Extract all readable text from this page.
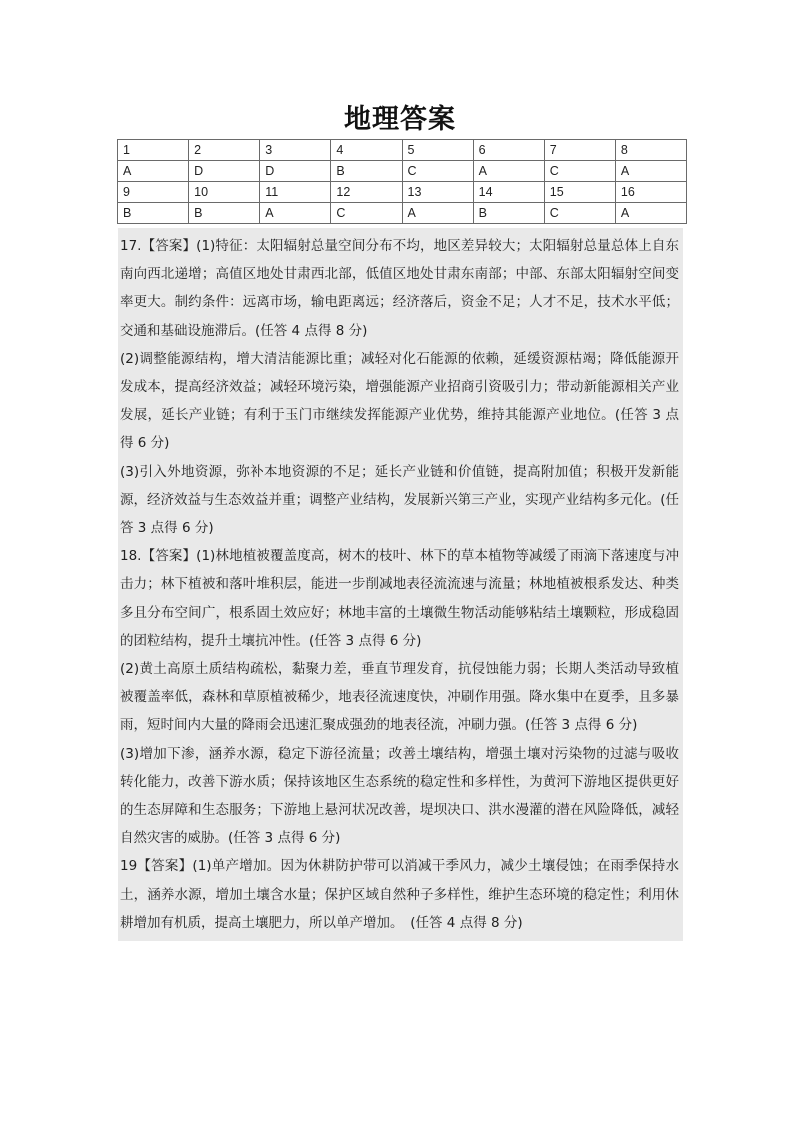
地理答案
1	2	3	4	5	6	7	8
A	D	D	B	C	A	C	A
9	10	11	12	13	14	15	16
B	B	A	C	A	B	C	A

17.【答案】(1)特征：太阳辐射总量空间分布不均，地区差异较大；太阳辐射总量总体上自东南向西北递增；高值区地处甘肃西北部，低值区地处甘肃东南部；中部、东部太阳辐射空间变率更大。制约条件：远离市场，输电距离远；经济落后，资金不足；人才不足，技术水平低；交通和基础设施滞后。(任答 4 点得 8 分)

(2)调整能源结构，增大清洁能源比重；减轻对化石能源的依赖，延缓资源枯竭；降低能源开发成本，提高经济效益；减轻环境污染，增强能源产业招商引资吸引力；带动新能源相关产业发展，延长产业链；有利于玉门市继续发挥能源产业优势，维持其能源产业地位。(任答 3 点得 6 分)

(3)引入外地资源，弥补本地资源的不足；延长产业链和价值链，提高附加值；积极开发新能源，经济效益与生态效益并重；调整产业结构，发展新兴第三产业，实现产业结构多元化。(任答 3 点得 6 分)

18.【答案】(1)林地植被覆盖度高，树木的枝叶、林下的草本植物等减缓了雨滴下落速度与冲击力；林下植被和落叶堆积层，能进一步削减地表径流流速与流量；林地植被根系发达、种类多且分布空间广，根系固土效应好；林地丰富的土壤微生物活动能够粘结土壤颗粒，形成稳固的团粒结构，提升土壤抗冲性。(任答 3 点得 6 分)

(2)黄土高原土质结构疏松，黏聚力差，垂直节理发育，抗侵蚀能力弱；长期人类活动导致植被覆盖率低，森林和草原植被稀少，地表径流速度快，冲刷作用强。降水集中在夏季，且多暴雨，短时间内大量的降雨会迅速汇聚成强劲的地表径流，冲刷力强。(任答 3 点得 6 分)

(3)增加下渗，涵养水源，稳定下游径流量；改善土壤结构，增强土壤对污染物的过滤与吸收转化能力，改善下游水质；保持该地区生态系统的稳定性和多样性，为黄河下游地区提供更好的生态屏障和生态服务；下游地上悬河状况改善，堤坝决口、洪水漫灌的潜在风险降低，减轻自然灾害的威胁。(任答 3 点得 6 分)

19【答案】(1)单产增加。因为休耕防护带可以消减干季风力，减少土壤侵蚀；在雨季保持水土，涵养水源，增加土壤含水量；保护区域自然种子多样性，维护生态环境的稳定性；利用休耕增加有机质，提高土壤肥力，所以单产增加。　(任答 4 点得 8 分)
